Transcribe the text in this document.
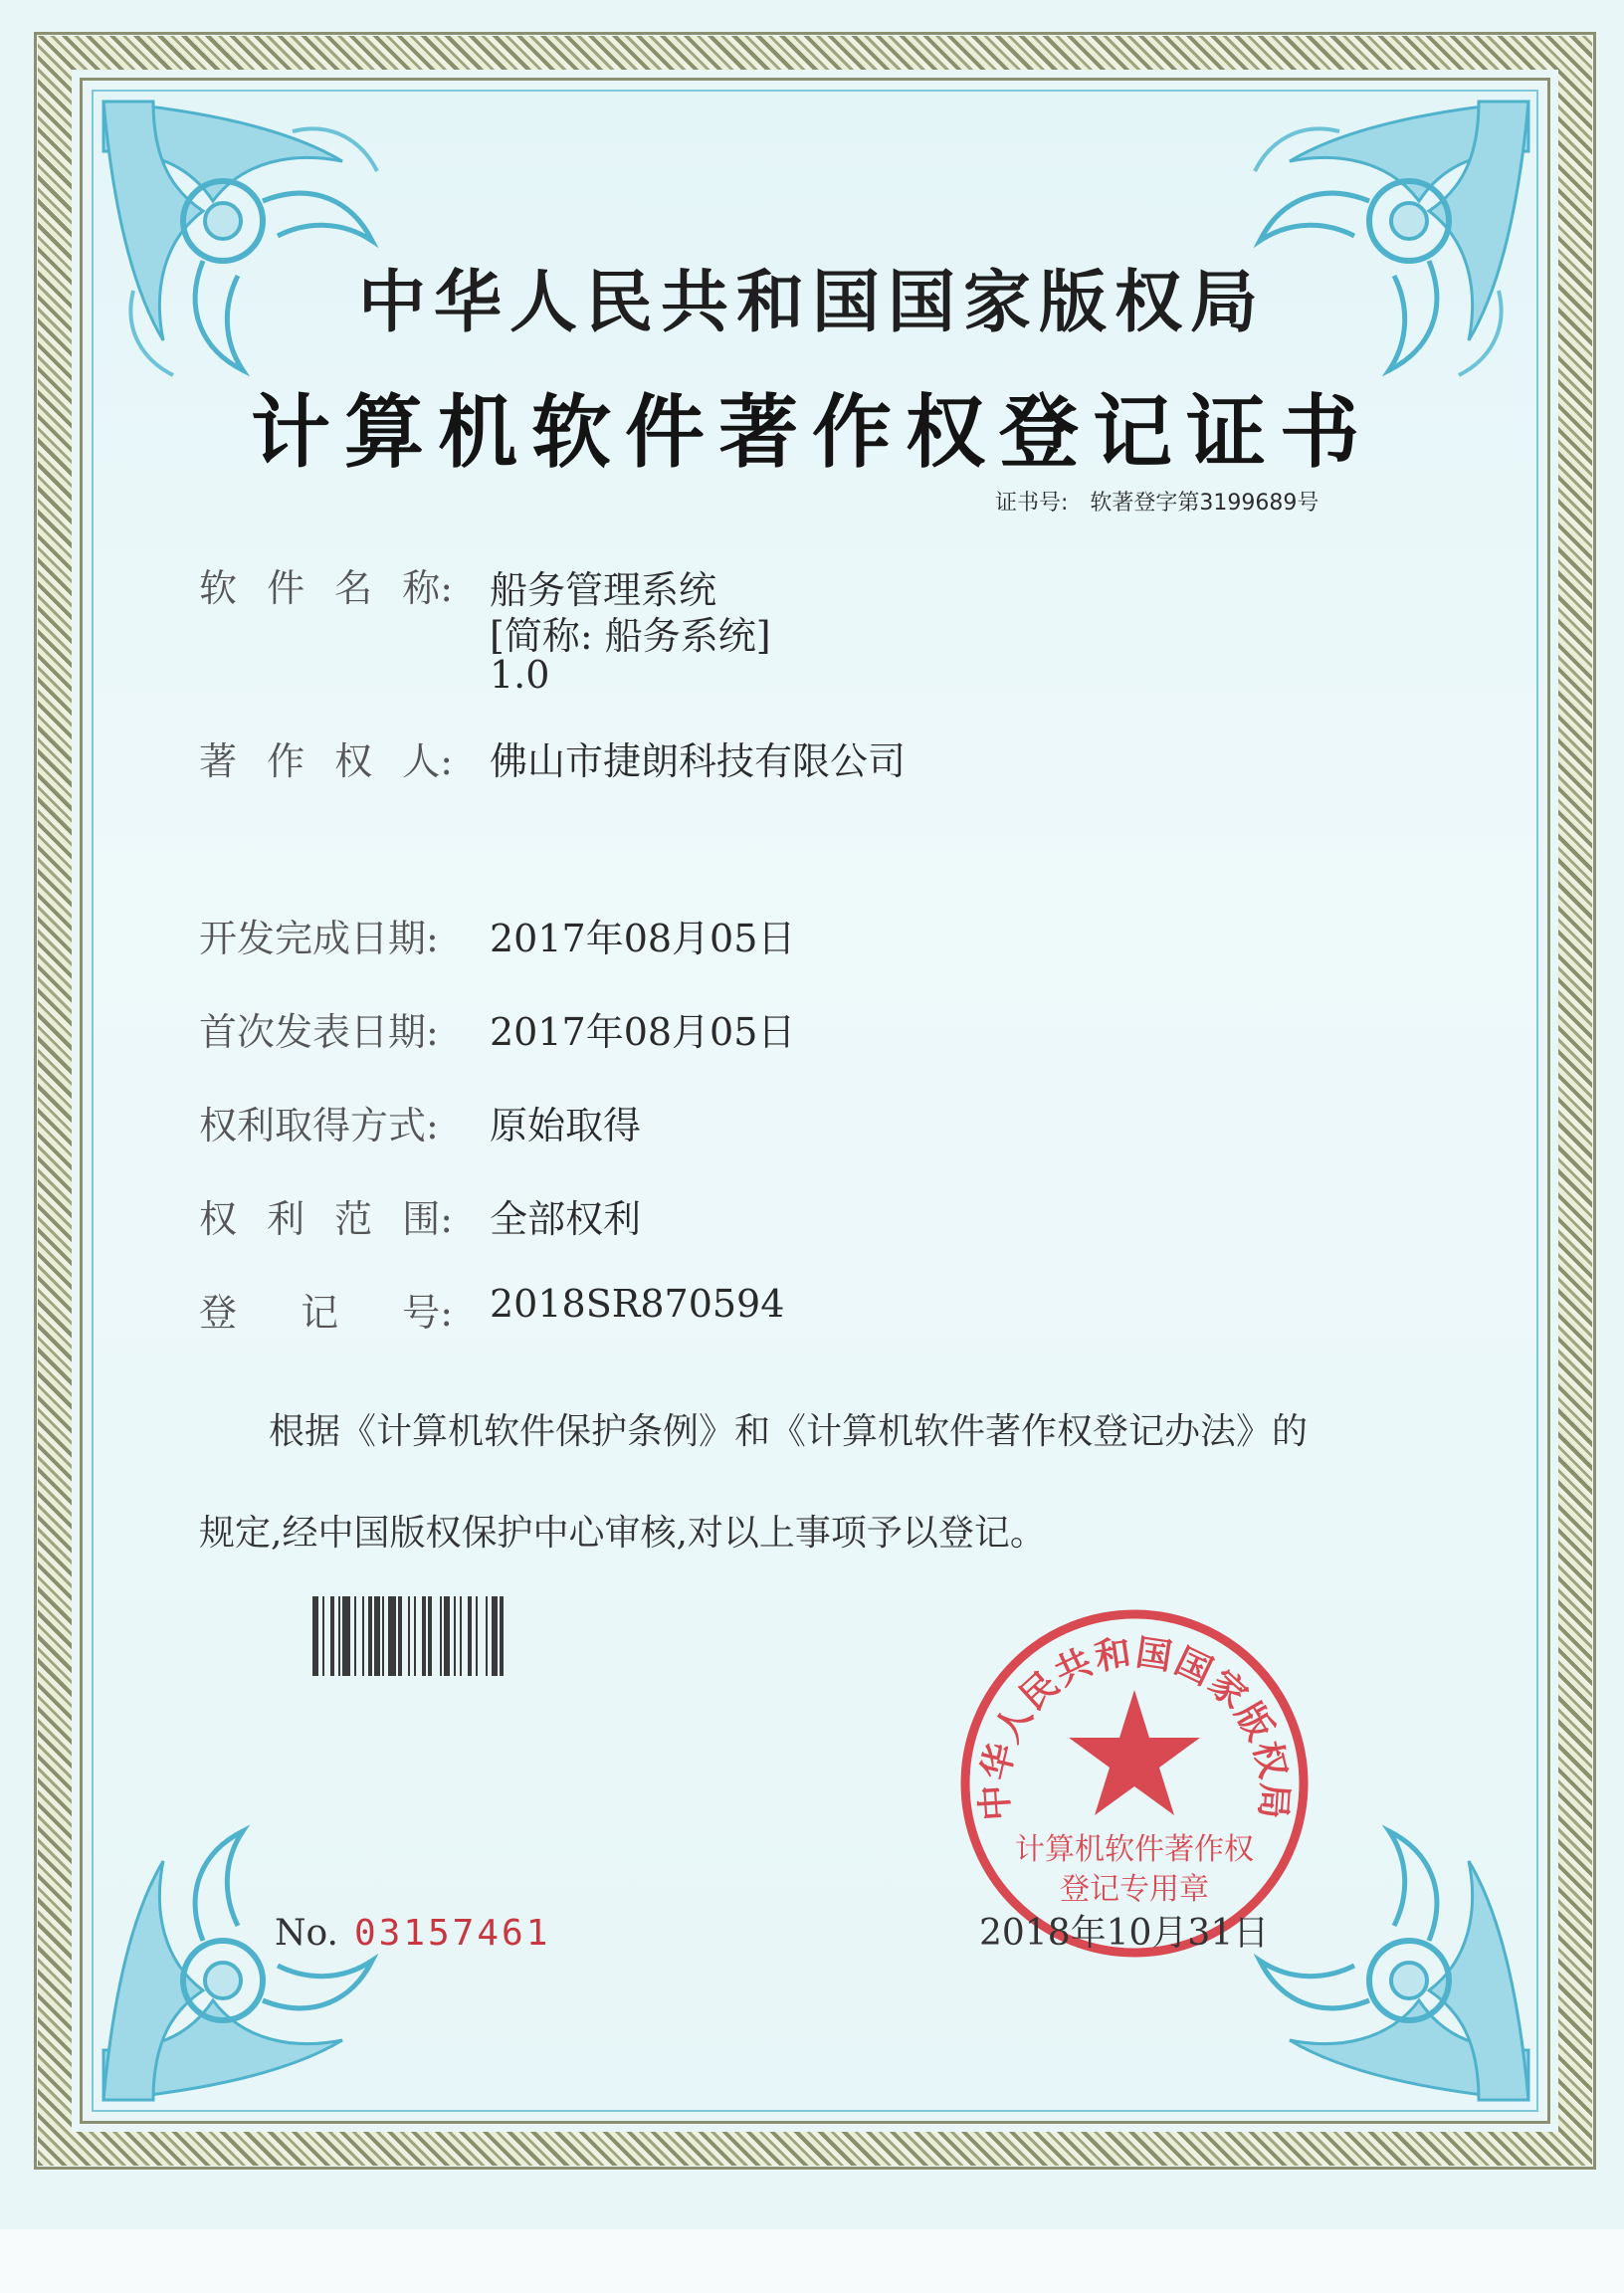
中华人民共和国国家版权局
计算机软件著作权登记证书
证书号: 软著登字第3199689号
软 件 名 称: 船务管理系统
[简称: 船务系统]
1.0
著 作 权 人: 佛山市捷朗科技有限公司
开发完成日期:	2017年08月05日
首次发表日期:	2017年08月05日
权利取得方式:	原始取得
权 利 范 围: 全部权利
登 记 号: 2018SR870594
根据《计算机软件保护条例》和《计算机软件著作权登记办法》的
规定,经中国版权保护中心审核,对以上事项予以登记。
中华人民共和国国家版权局
计算机软件著作权
登记专用章
No. 03157461	2018年10月31日
